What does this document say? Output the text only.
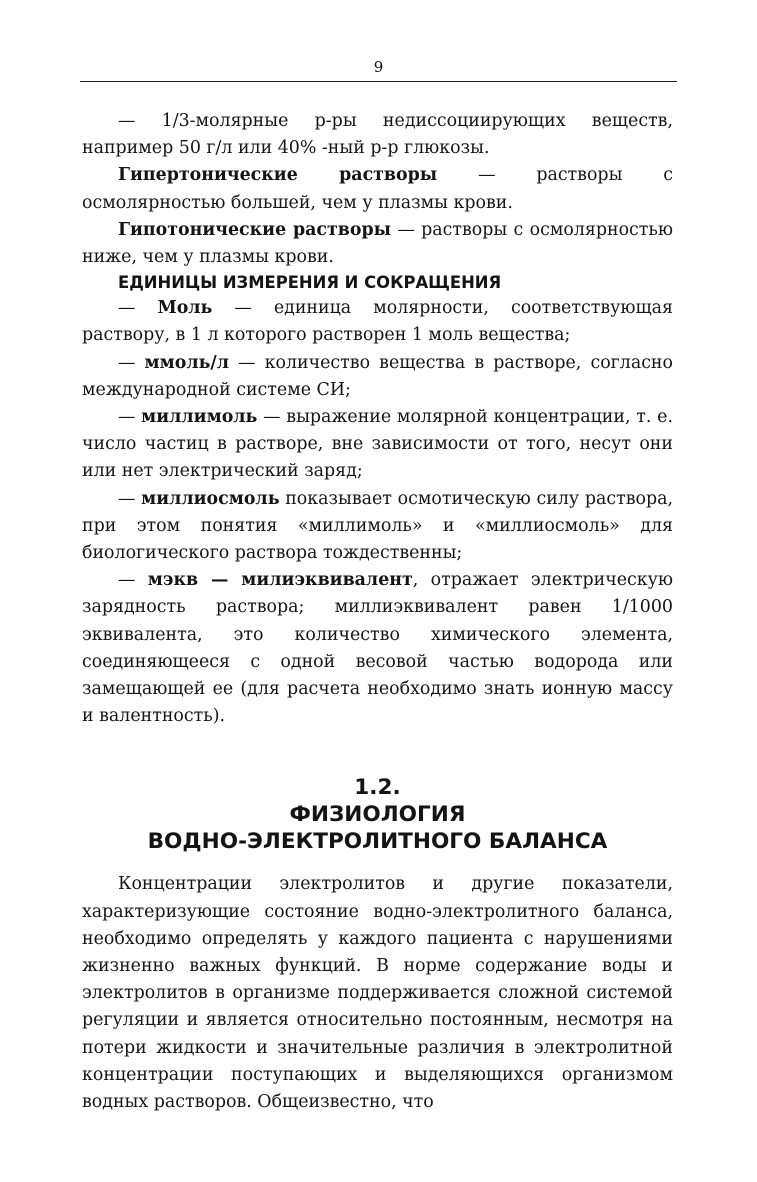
9

— 1/3-молярные р-ры недиссоциирующих веществ, например 50 г/л или 40% -ный р-р глюкозы.

Гипертонические растворы — растворы с осмолярностью большей, чем у плазмы крови.

Гипотонические растворы — растворы с осмолярностью ниже, чем у плазмы крови.

ЕДИНИЦЫ ИЗМЕРЕНИЯ И СОКРАЩЕНИЯ

— Моль — единица молярности, соответствующая раствору, в 1 л которого растворен 1 моль вещества;

— ммоль/л — количество вещества в растворе, согласно международной системе СИ;

— миллимоль — выражение молярной концентрации, т. е. число частиц в растворе, вне зависимости от того, несут они или нет электрический заряд;

— миллиосмоль показывает осмотическую силу раствора, при этом понятия «миллимоль» и «миллиосмоль» для биологического раствора тождественны;

— мэкв — милиэквивалент, отражает электрическую зарядность раствора; миллиэквивалент равен 1/1000 эквивалента, это количество химического элемента, соединяющееся с одной весовой частью водорода или замещающей ее (для расчета необходимо знать ионную массу и валентность).

1.2.
ФИЗИОЛОГИЯ
ВОДНО-ЭЛЕКТРОЛИТНОГО БАЛАНСА

Концентрации электролитов и другие показатели, характеризующие состояние водно-электролитного баланса, необходимо определять у каждого пациента с нарушениями жизненно важных функций. В норме содержание воды и электролитов в организме поддерживается сложной системой регуляции и является относительно постоянным, несмотря на потери жидкости и значительные различия в электролитной концентрации поступающих и выделяющихся организмом водных растворов. Общеизвестно, что
